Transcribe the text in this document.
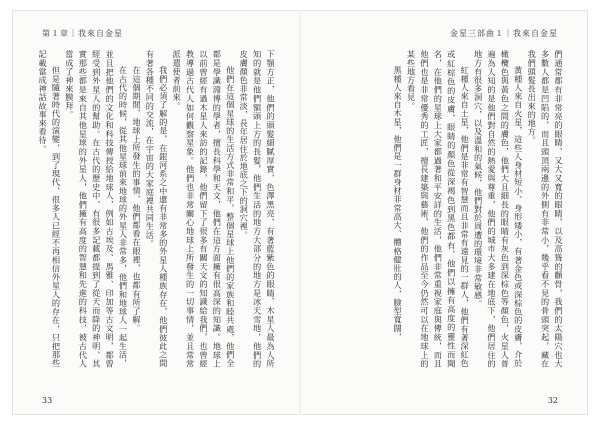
第１章｜我來自金星

下顎方正，他們的頭髮細膩厚實，色澤黑亮，有著藍紫色的眼睛，木星人最為人所知的就是他們額頭上方的長髮，他們生活的地方大部分的地方是冰天雪地，他們的皮膚顏色非常淡，長年居住於地底之下的洞穴裡。

他們在這個星球的生活方式非常和平，整個星球上他們的家族和睦共處，他們全都是學識淵博的學者，擅長科學和天文，他們在這方面擁有很高深的知識。地球上以前曾經有過木星人來訪的記錄，他們留下了很多有關天文的知識給我們，也曾經教導過古代人如何觀察星象。他們也非常關心地球上所發生的一切事情，並且常常派遣使者前來。

我們必須了解的是，在銀河系之中還有非常多的外星人種族存在，他們彼此之間有著各種不同的交流，在宇宙的大家庭裡共同生活。

在這個期間，地球上所發生的事情，他們都看在眼裡，也都有所了解。

在古代的時候，從其他星球前來地球的外星人非常多，他們和地球人一起生活，並且把他們的文化和科技傳授給地球人，例如古埃及、馬雅、印加等古文明，都曾經受到外星人的幫助。在古代的歷史中，有很多記載都提到了從天而降的神明，其實那些都是來自其他星球的外星人，他們擁有高度的智慧和先進的科技，被古代人當成了神來膜拜。

但是隨著時代的演變，到了現代，很多人已經不再相信外星人的存在，只把那些記載當成神話故事來看待。

33
金星三部曲１｜我來自金星

們通常都有非常亮的眼睛，又大又寬的眼睛，以及高聳的顴骨，我們的太陽穴也大多數人都是凹陷的，而且頭頂兩邊的外側有非常小，幾乎看不見的骨頭突起，藏在我們頭髮長出來的地方。

黃種人來自火星，這些人身材短小、身形矮小，有著金色或深棕色的皮膚，介於橄欖色與黃色之間的膚色，他們大且細長的眼睛有灰色到深棕色等顏色，火星人普遍為人知的是他們對自然的熱愛與尊重，他們的城市大多建在地底下，他們居住的地方有很多洞穴，以及溫和的氣候，他們對於周遭的環境非常敏感。

紅種人來自土星，他們是非常有智慧而且非常有遠見的一群人，他們有著深紅色或紅棕色的皮膚，眼睛的顏色從深褐色到黑色都有，他們以擁有高度的靈性而聞名，在他們的星球上大家都過著和平安詳的生活，他們非常重視家庭與傳統，而且他們也是非常優秀的工匠，擅長建築與藝術，他們的作品至今仍然可以在地球上的某些地方看見。

黑種人來自木星，他們是一群身材非常高大、體格健壯的人，臉型寬闊，

32
